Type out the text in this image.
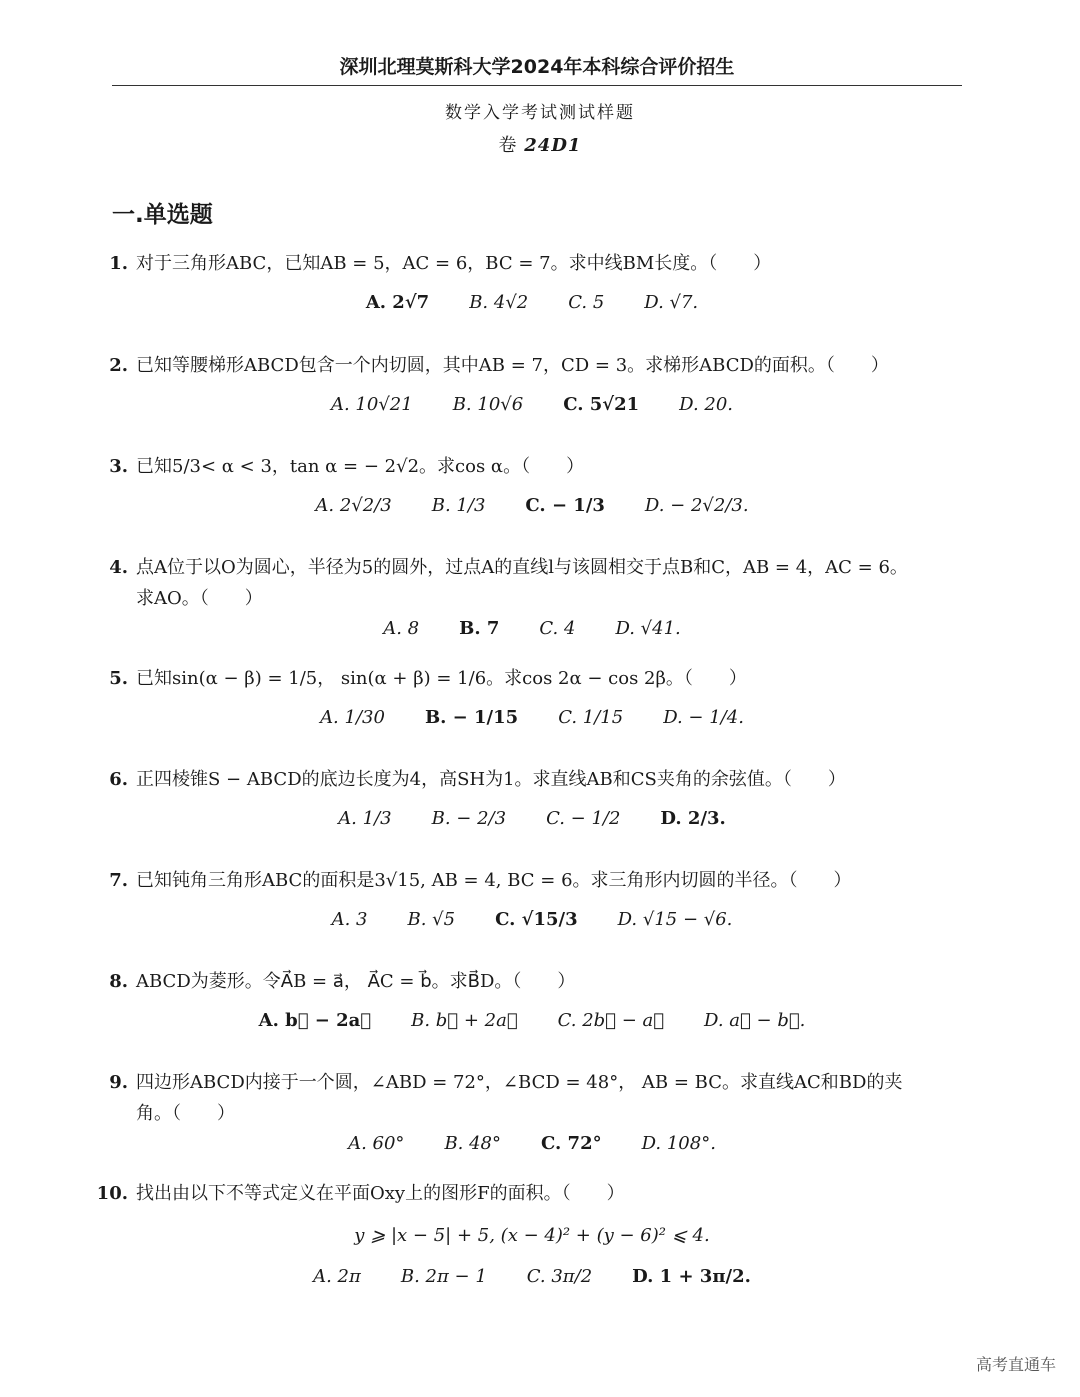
深圳北理莫斯科大学2024年本科综合评价招生
数学入学考试测试样题
卷 24D1
一.单选题
1. 对于三角形ABC，已知AB = 5，AC = 6，BC = 7。求中线BM长度。（　　）
A. 2√7 B. 4√2 C. 5 D. √7.
2. 已知等腰梯形ABCD包含一个内切圆，其中AB = 7，CD = 3。求梯形ABCD的面积。（　　）
A. 10√21 B. 10√6 C. 5√21 D. 20.
3. 已知5/3< α < 3，tan α = − 2√2。求cos α。（　　）
A. 2√2/3 B. 1/3 C. − 1/3 D. − 2√2/3.
4. 点A位于以O为圆心，半径为5的圆外，过点A的直线l与该圆相交于点B和C，AB = 4，AC = 6。
求AO。（　　）
A. 8 B. 7 C. 4 D. √41.
5. 已知sin(α − β) = 1/5， sin(α + β) = 1/6。求cos 2α − cos 2β。（　　）
A. 1/30 B. − 1/15 C. 1/15 D. − 1/4.
6. 正四棱锥S − ABCD的底边长度为4，高SH为1。求直线AB和CS夹角的余弦值。（　　）
A. 1/3 B. − 2/3 C. − 1/2 D. 2/3.
7. 已知钝角三角形ABC的面积是3√15, AB = 4, BC = 6。求三角形内切圆的半径。（　　）
A. 3 B. √5 C. √15/3 D. √15 − √6.
8. ABCD为菱形。令A⃗B = a⃗， A⃗C = b⃗。求B⃗D。（　　）
A. b⃗ − 2a⃗ B. b⃗ + 2a⃗ C. 2b⃗ − a⃗ D. a⃗ − b⃗.
9. 四边形ABCD内接于一个圆，∠ABD = 72°，∠BCD = 48°， AB = BC。求直线AC和BD的夹
角。（　　）
A. 60° B. 48° C. 72° D. 108°.
10. 找出由以下不等式定义在平面Oxy上的图形F的面积。（　　）
y ⩾ |x − 5| + 5, (x − 4)² + (y − 6)² ⩽ 4.
A. 2π B. 2π − 1 C. 3π/2 D. 1 + 3π/2.
高考直通车
